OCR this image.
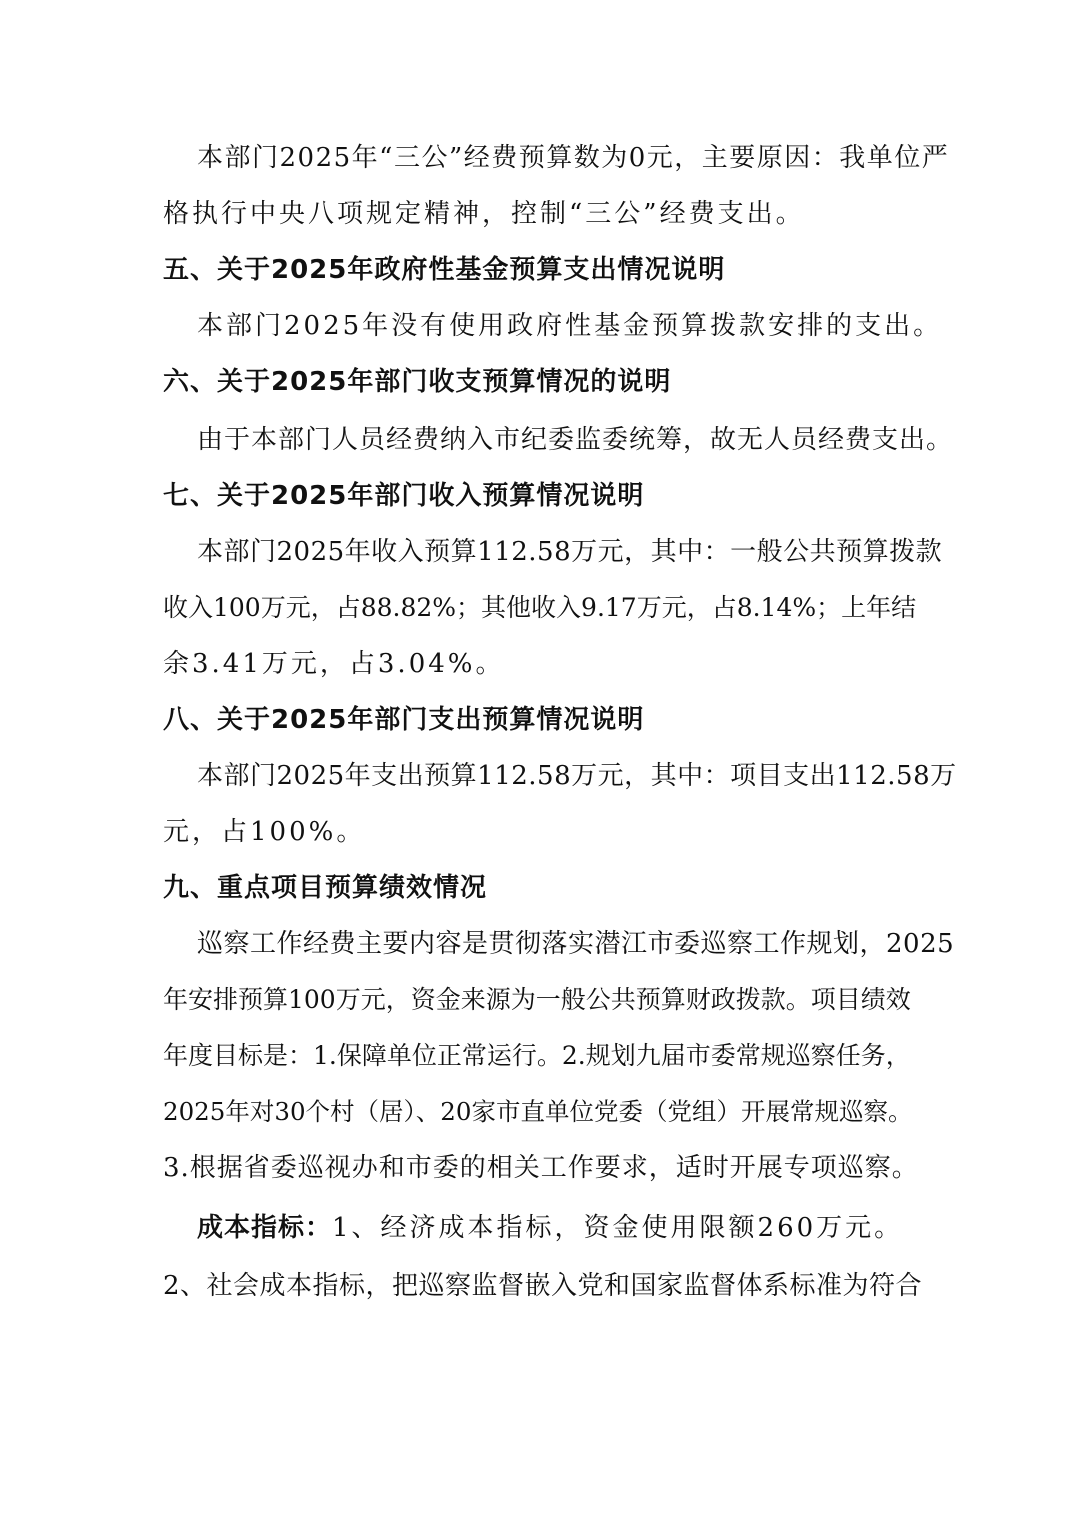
本部门2025年“三公”经费预算数为0元，主要原因：我单位严
格执行中央八项规定精神，控制“三公”经费支出。
五、关于2025年政府性基金预算支出情况说明
本部门2025年没有使用政府性基金预算拨款安排的支出。
六、关于2025年部门收支预算情况的说明
由于本部门人员经费纳入市纪委监委统筹，故无人员经费支出。
七、关于2025年部门收入预算情况说明
本部门2025年收入预算112.58万元，其中：一般公共预算拨款
收入100万元，占88.82%；其他收入9.17万元，占8.14%；上年结
余3.41万元，占3.04%。
八、关于2025年部门支出预算情况说明
本部门2025年支出预算112.58万元，其中：项目支出112.58万
元，占100%。
九、重点项目预算绩效情况
巡察工作经费主要内容是贯彻落实潜江市委巡察工作规划，2025
年安排预算100万元，资金来源为一般公共预算财政拨款。项目绩效
年度目标是：1.保障单位正常运行。2.规划九届市委常规巡察任务，
2025年对30个村（居）、20家市直单位党委（党组）开展常规巡察。
3.根据省委巡视办和市委的相关工作要求，适时开展专项巡察。
成本指标：1、经济成本指标，资金使用限额260万元。
2、社会成本指标，把巡察监督嵌入党和国家监督体系标准为符合
